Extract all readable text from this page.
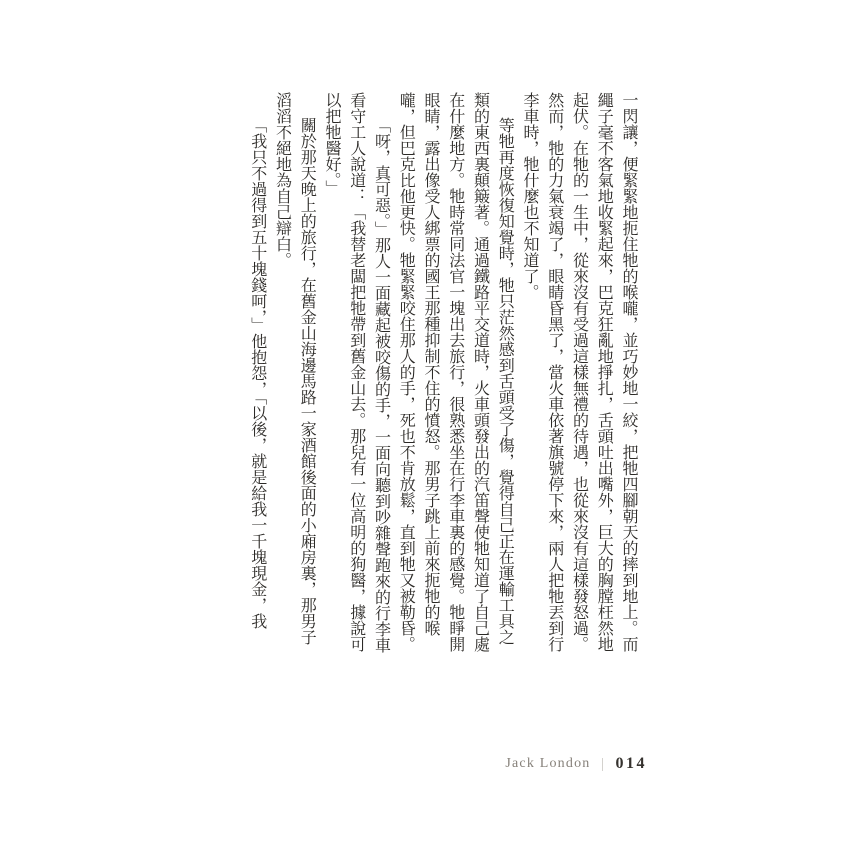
一閃讓，便緊緊地扼住牠的喉嚨，並巧妙地一絞，把牠四腳朝天的摔到地上。而繩子毫不客氣地收緊起來，巴克狂亂地掙扎，舌頭吐出嘴外，巨大的胸膛枉然地起伏。在牠的一生中，從來沒有受過這樣無禮的待遇，也從來沒有這樣發怒過。然而，牠的力氣衰竭了，眼睛昏黑了，當火車依著旗號停下來，兩人把牠丟到行李車時，牠什麼也不知道了。

等牠再度恢復知覺時，牠只茫然感到舌頭受了傷，覺得自己正在運輸工具之類的東西裏顛簸著。通過鐵路平交道時，火車頭發出的汽笛聲使牠知道了自己處在什麼地方。牠時常同法官一塊出去旅行，很熟悉坐在行李車裏的感覺。牠睜開眼睛，露出像受人綁票的國王那種抑制不住的憤怒。那男子跳上前來扼牠的喉嚨，但巴克比他更快。牠緊緊咬住那人的手，死也不肯放鬆，直到牠又被勒昏。

「呀，真可惡。」那人一面藏起被咬傷的手，一面向聽到吵雜聲跑來的行李車看守工人說道：「我替老闆把牠帶到舊金山去。那兒有一位高明的狗醫，據說可以把牠醫好。」

關於那天晚上的旅行，在舊金山海邊馬路一家酒館後面的小廂房裏，那男子滔滔不絕地為自己辯白。

「我只不過得到五十塊錢呵，」他抱怨，「以後，就是給我一千塊現金，我

Jack London | 014
